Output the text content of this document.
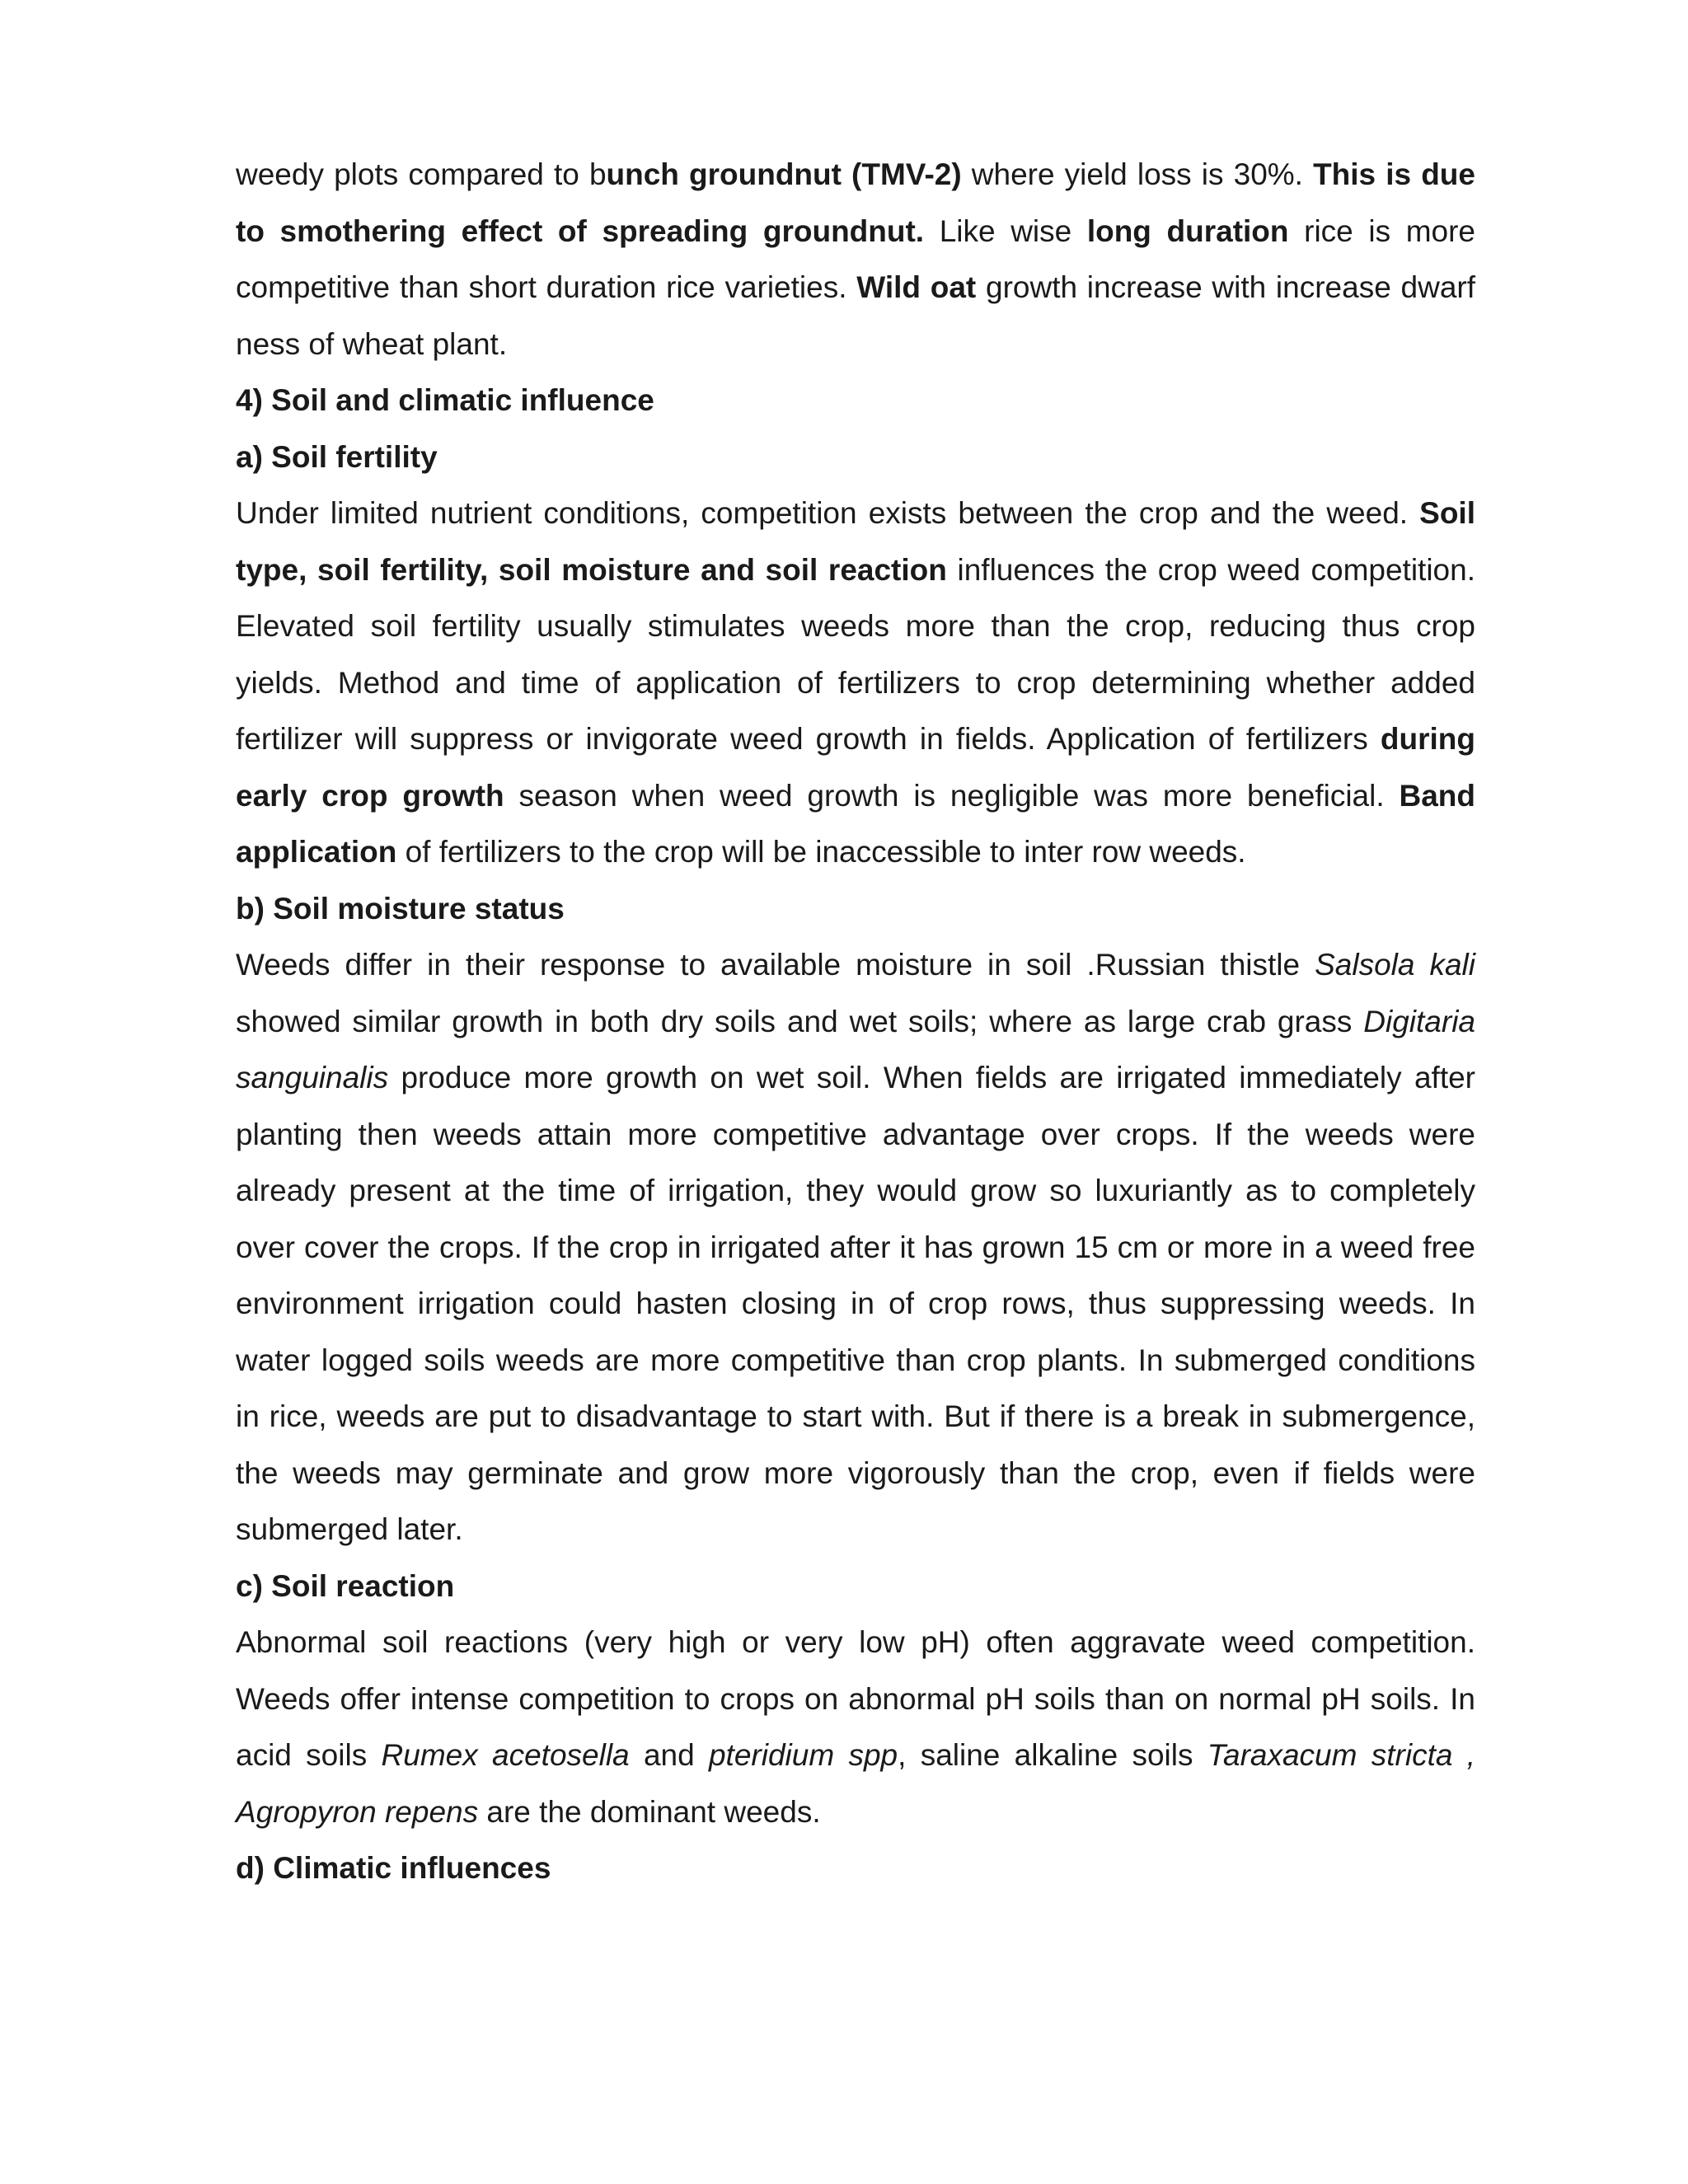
weedy plots compared to bunch groundnut (TMV-2) where yield loss is 30%. This is due to smothering effect of spreading groundnut. Like wise long duration rice is more competitive than short duration rice varieties. Wild oat growth increase with increase dwarf ness of wheat plant.

4) Soil and climatic influence

a) Soil fertility

Under limited nutrient conditions, competition exists between the crop and the weed. Soil type, soil fertility, soil moisture and soil reaction influences the crop weed competition. Elevated soil fertility usually stimulates weeds more than the crop, reducing thus crop yields. Method and time of application of fertilizers to crop determining whether added fertilizer will suppress or invigorate weed growth in fields. Application of fertilizers during early crop growth season when weed growth is negligible was more beneficial. Band application of fertilizers to the crop will be inaccessible to inter row weeds.

b) Soil moisture status

Weeds differ in their response to available moisture in soil .Russian thistle Salsola kali showed similar growth in both dry soils and wet soils; where as large crab grass Digitaria sanguinalis produce more growth on wet soil. When fields are irrigated immediately after planting then weeds attain more competitive advantage over crops. If the weeds were already present at the time of irrigation, they would grow so luxuriantly as to completely over cover the crops. If the crop in irrigated after it has grown 15 cm or more in a weed free environment irrigation could hasten closing in of crop rows, thus suppressing weeds. In water logged soils weeds are more competitive than crop plants. In submerged conditions in rice, weeds are put to disadvantage to start with. But if there is a break in submergence, the weeds may germinate and grow more vigorously than the crop, even if fields were submerged later.

c) Soil reaction

Abnormal soil reactions (very high or very low pH) often aggravate weed competition. Weeds offer intense competition to crops on abnormal pH soils than on normal pH soils. In acid soils Rumex acetosella and pteridium spp, saline alkaline soils Taraxacum stricta , Agropyron repens are the dominant weeds.

d) Climatic influences
